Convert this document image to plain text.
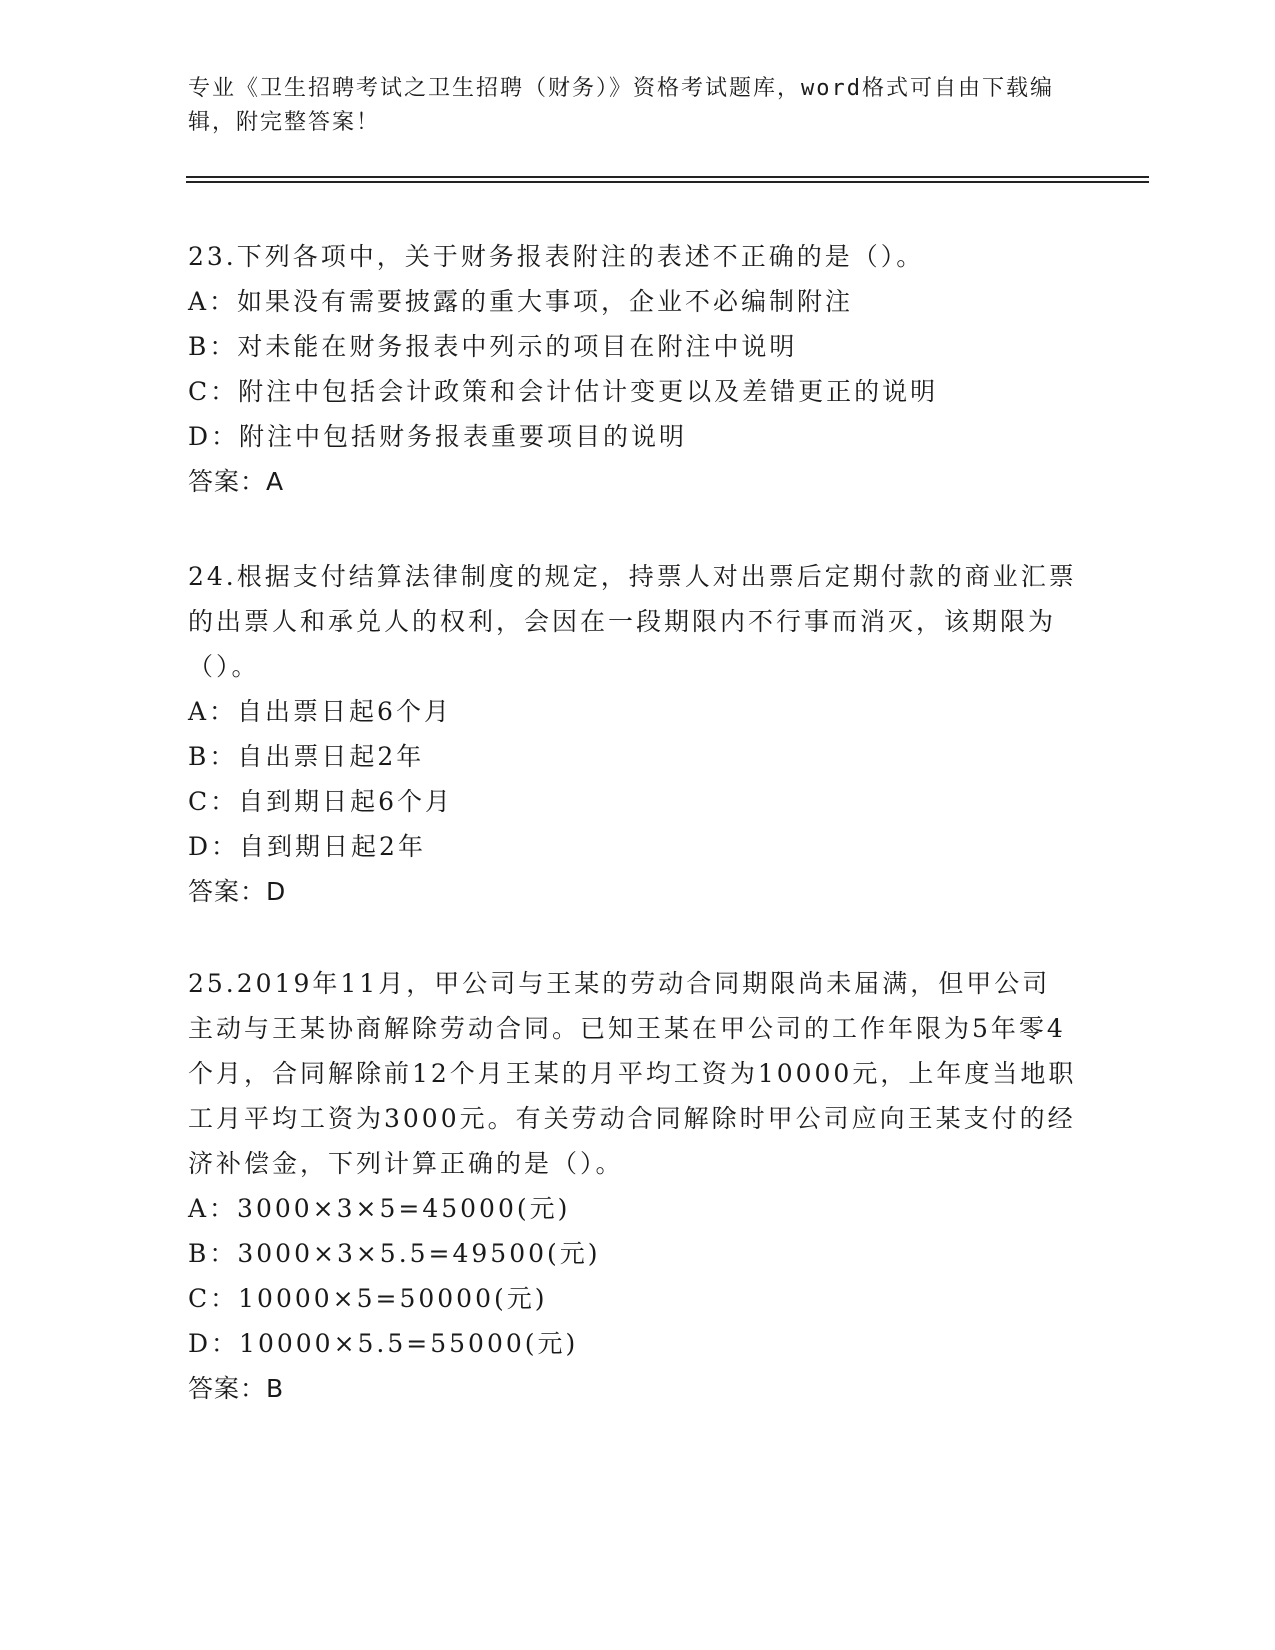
专业《卫生招聘考试之卫生招聘（财务）》资格考试题库，word格式可自由下载编辑，附完整答案！

23.下列各项中，关于财务报表附注的表述不正确的是（）。

A：如果没有需要披露的重大事项，企业不必编制附注

B：对未能在财务报表中列示的项目在附注中说明

C：附注中包括会计政策和会计估计变更以及差错更正的说明

D：附注中包括财务报表重要项目的说明

答案：A

24.根据支付结算法律制度的规定，持票人对出票后定期付款的商业汇票的出票人和承兑人的权利，会因在一段期限内不行事而消灭，该期限为（）。

A：自出票日起6个月

B：自出票日起2年

C：自到期日起6个月

D：自到期日起2年

答案：D

25.2019年11月，甲公司与王某的劳动合同期限尚未届满，但甲公司主动与王某协商解除劳动合同。已知王某在甲公司的工作年限为5年零4个月，合同解除前12个月王某的月平均工资为10000元，上年度当地职工月平均工资为3000元。有关劳动合同解除时甲公司应向王某支付的经济补偿金，下列计算正确的是（）。

A：3000×3×5=45000(元)

B：3000×3×5.5=49500(元)

C：10000×5=50000(元)

D：10000×5.5=55000(元)

答案：B
